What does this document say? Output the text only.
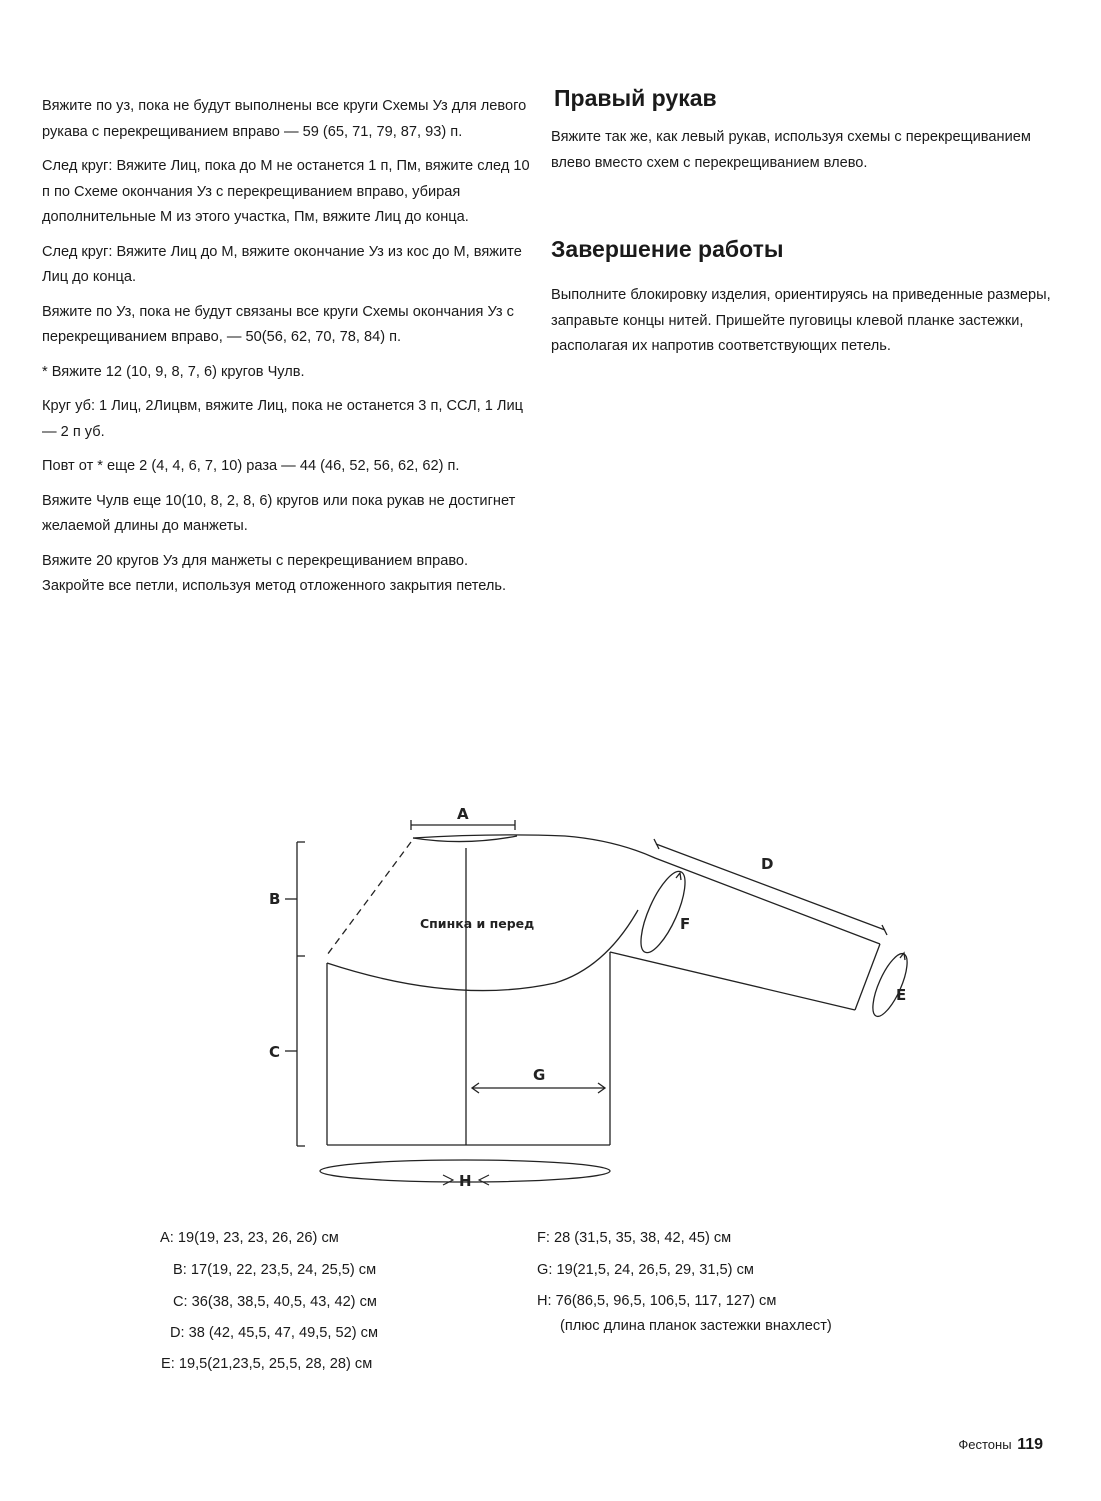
Вяжите по уз, пока не будут выполнены все круги Схемы Уз для левого рукава с перекрещиванием вправо — 59 (65, 71, 79, 87, 93) п.

След круг: Вяжите Лиц, пока до М не останется 1 п, Пм, вяжите след 10 п по Схеме окончания Уз с перекрещиванием вправо, убирая дополнительные М из этого участка, Пм, вяжите Лиц до конца.

След круг: Вяжите Лиц до М, вяжите окончание Уз из кос до М, вяжите Лиц до конца.

Вяжите по Уз, пока не будут связаны все круги Схемы окончания Уз с перекрещиванием вправо, — 50(56, 62, 70, 78, 84) п.

* Вяжите 12 (10, 9, 8, 7, 6) кругов Чулв.

Круг уб: 1 Лиц, 2Лицвм, вяжите Лиц, пока не останется 3 п, ССЛ, 1 Лиц — 2 п уб.

Повт от * еще 2 (4, 4, 6, 7, 10) раза — 44 (46, 52, 56, 62, 62) п.

Вяжите Чулв еще 10(10, 8, 2, 8, 6) кругов или пока рукав не достигнет желаемой длины до манжеты.

Вяжите 20 кругов Уз для манжеты с перекрещиванием вправо. Закройте все петли, используя метод отложенного закрытия петель.

Правый рукав

Вяжите так же, как левый рукав, используя схемы с перекрещиванием влево вместо схем с перекрещиванием влево.

Завершение работы

Выполните блокировку изделия, ориентируясь на приведенные размеры, заправьте концы нитей. Пришейте пуговицы клевой планке застежки, располагая их напротив соответствующих петель.

A
B
C
D
E
F
G
H
Спинка и перед
A: 19(19, 23, 23, 26, 26) см
B: 17(19, 22, 23,5, 24, 25,5) см
C: 36(38, 38,5, 40,5, 43, 42) см
D: 38 (42, 45,5, 47, 49,5, 52) см
E: 19,5(21,23,5, 25,5, 28, 28) см
F: 28 (31,5, 35, 38, 42, 45) см
G: 19(21,5, 24, 26,5, 29, 31,5) см
H: 76(86,5, 96,5, 106,5, 117, 127) см
(плюс длина планок застежки внахлест)
Фестоны 119
